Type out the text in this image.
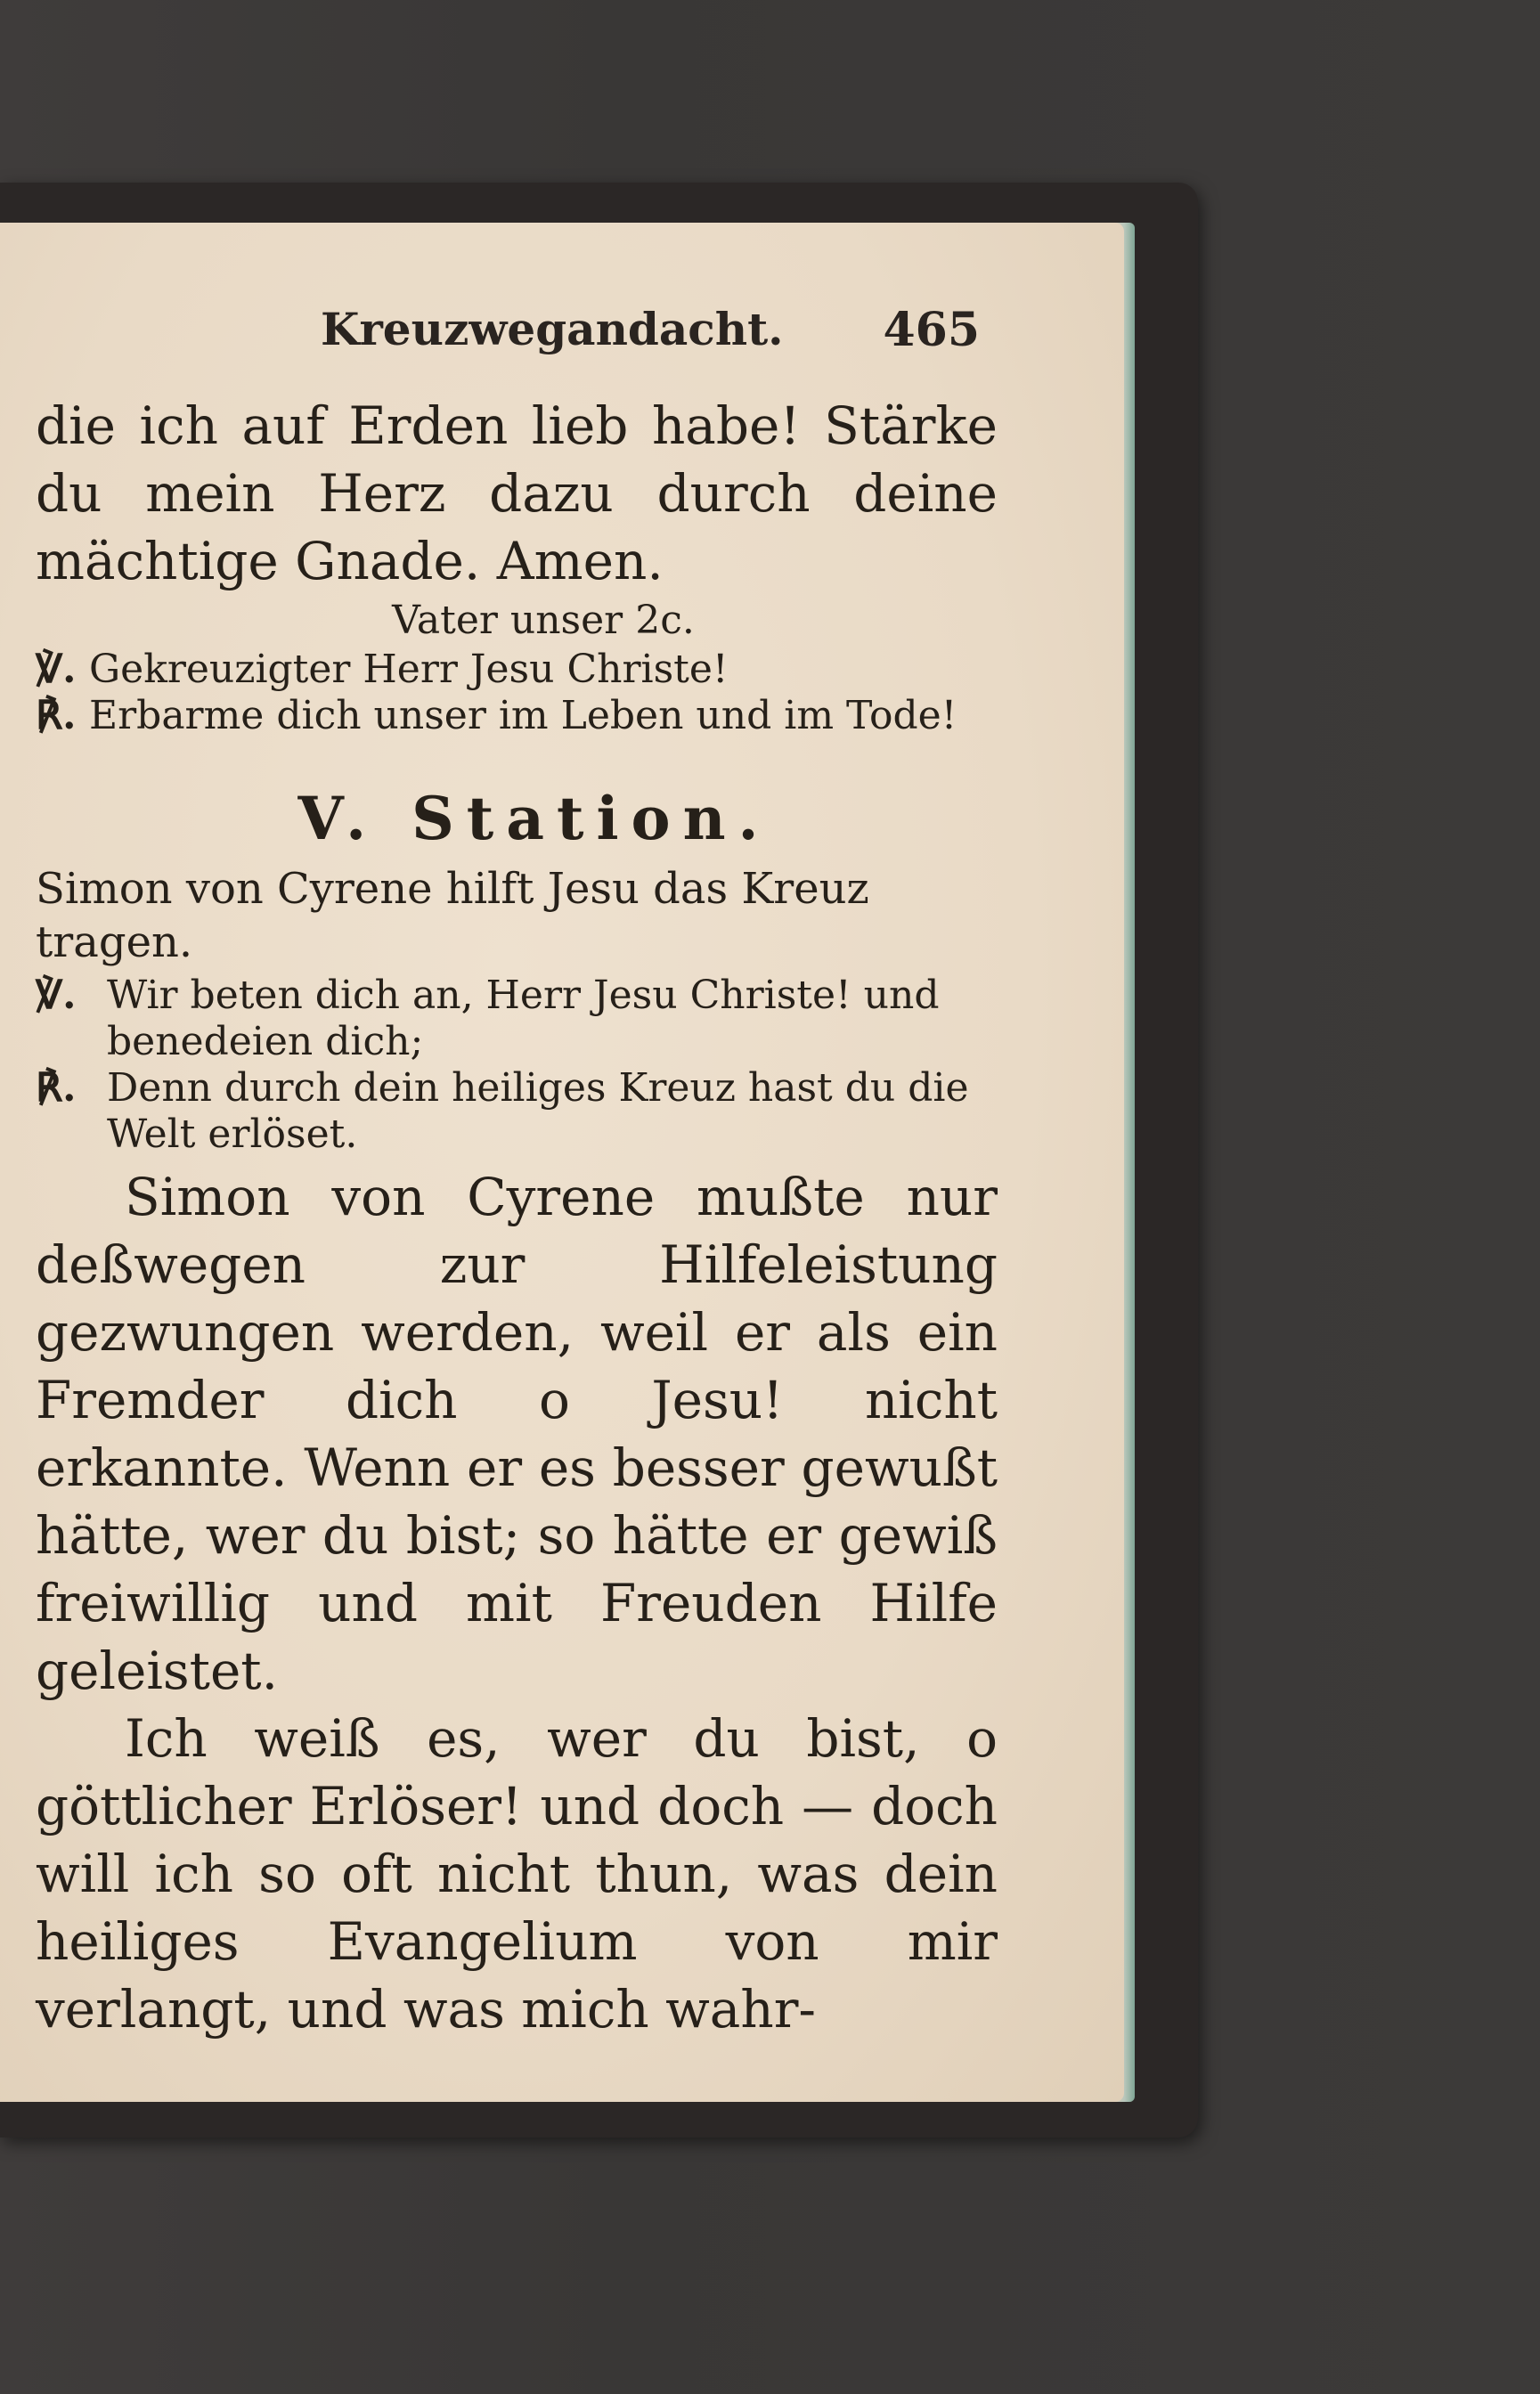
Kreuzwegandacht. 465

die ich auf Erden lieb habe! Stärke du mein Herz dazu durch deine mächtige Gnade. Amen.

Vater unser 2c.

℣. Gekreuzigter Herr Jesu Christe!

℟. Erbarme dich unser im Leben und im Tode!

V. Station.

Simon von Cyrene hilft Jesu das Kreuz tragen.

℣. Wir beten dich an, Herr Jesu Christe! und benedeien dich;

℟. Denn durch dein heiliges Kreuz hast du die Welt erlöset.

Simon von Cyrene mußte nur deßwegen zur Hilfeleistung gezwungen werden, weil er als ein Fremder dich o Jesu! nicht erkannte. Wenn er es besser gewußt hätte, wer du bist; so hätte er gewiß freiwillig und mit Freuden Hilfe geleistet.

Ich weiß es, wer du bist, o göttlicher Erlöser! und doch — doch will ich so oft nicht thun, was dein heiliges Evangelium von mir verlangt, und was mich wahr-
